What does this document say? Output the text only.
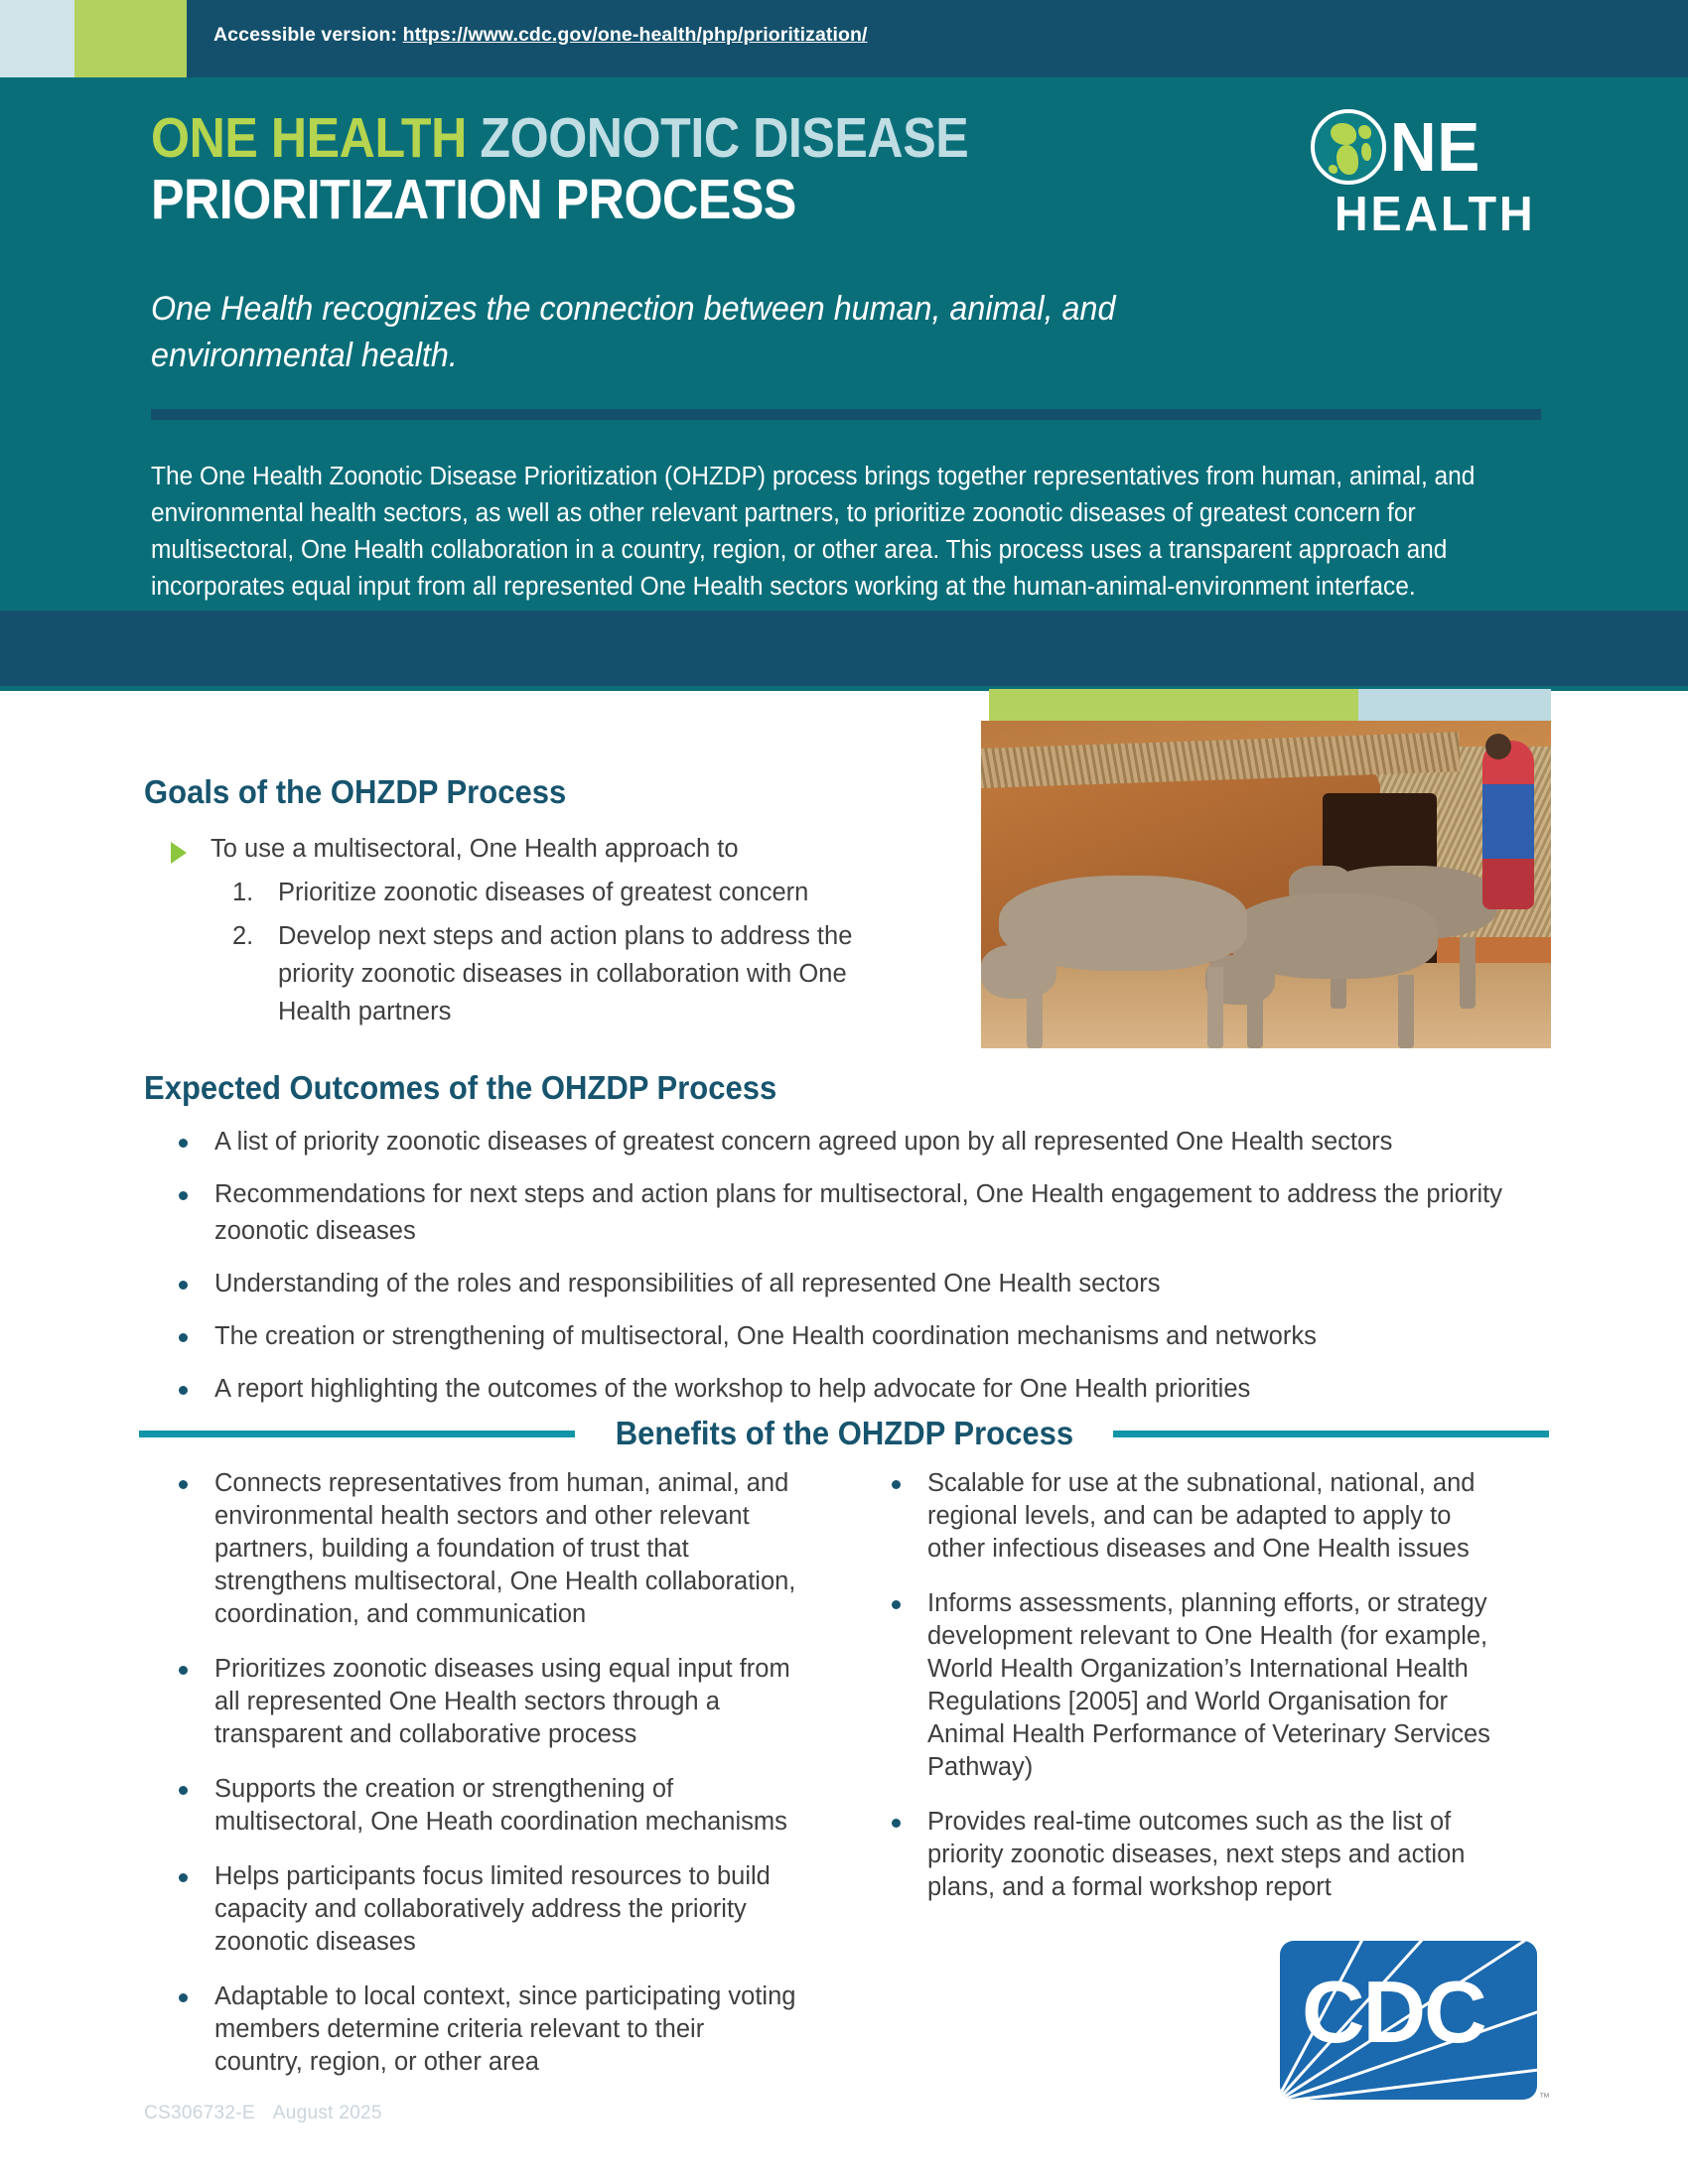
Accessible version: https://www.cdc.gov/one-health/php/prioritization/
ONE HEALTH ZOONOTIC DISEASE
PRIORITIZATION PROCESS
One Health recognizes the connection between human, animal, and environmental health.
The One Health Zoonotic Disease Prioritization (OHZDP) process brings together representatives from human, animal, and environmental health sectors, as well as other relevant partners, to prioritize zoonotic diseases of greatest concern for multisectoral, One Health collaboration in a country, region, or other area. This process uses a transparent approach and incorporates equal input from all represented One Health sectors working at the human-animal-environment interface.
NE
HEALTH
Goals of the OHZDP Process
To use a multisectoral, One Health approach to
1. Prioritize zoonotic diseases of greatest concern
2. Develop next steps and action plans to address the priority zoonotic diseases in collaboration with One Health partners
Expected Outcomes of the OHZDP Process
A list of priority zoonotic diseases of greatest concern agreed upon by all represented One Health sectors
Recommendations for next steps and action plans for multisectoral, One Health engagement to address the priority zoonotic diseases
Understanding of the roles and responsibilities of all represented One Health sectors
The creation or strengthening of multisectoral, One Health coordination mechanisms and networks
A report highlighting the outcomes of the workshop to help advocate for One Health priorities
Benefits of the OHZDP Process
Connects representatives from human, animal, and environmental health sectors and other relevant partners, building a foundation of trust that strengthens multisectoral, One Health collaboration, coordination, and communication
Prioritizes zoonotic diseases using equal input from all represented One Health sectors through a transparent and collaborative process
Supports the creation or strengthening of multisectoral, One Heath coordination mechanisms
Helps participants focus limited resources to build capacity and collaboratively address the priority zoonotic diseases
Adaptable to local context, since participating voting members determine criteria relevant to their country, region, or other area
Scalable for use at the subnational, national, and regional levels, and can be adapted to apply to other infectious diseases and One Health issues
Informs assessments, planning efforts, or strategy development relevant to One Health (for example, World Health Organization’s International Health Regulations [2005] and World Organisation for Animal Health Performance of Veterinary Services Pathway)
Provides real-time outcomes such as the list of priority zoonotic diseases, next steps and action plans, and a formal workshop report
CDC
™
CS306732-E August 2025
